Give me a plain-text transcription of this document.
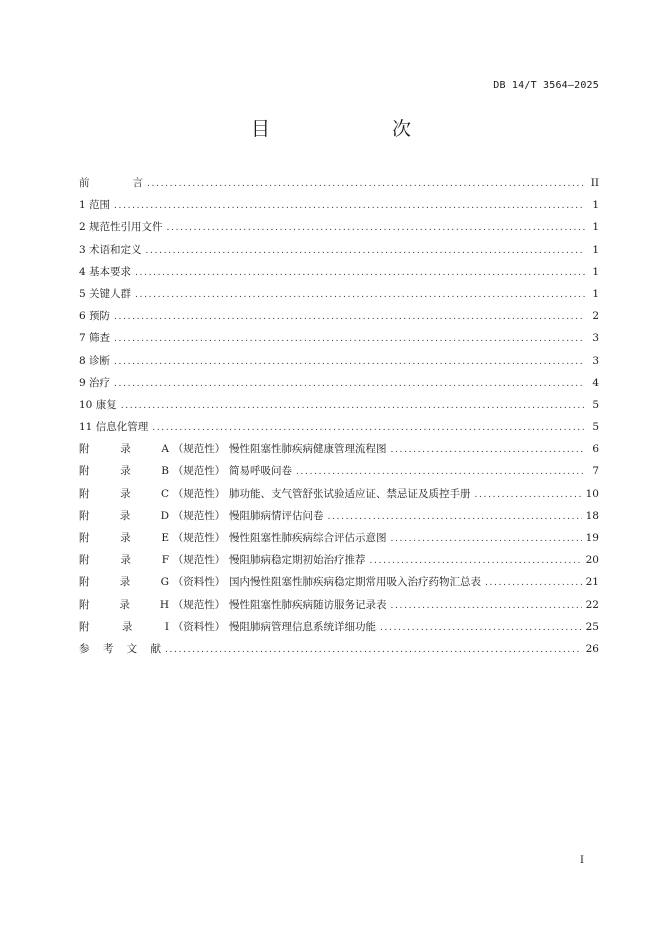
DB 14/T 3564—2025
目　　次
前	言 . . .	II
1 范围 . . .	1
2 规范性引用文件 . . .	1
3 术语和定义 . . .	1
4 基本要求 . . .	1
5 关键人群 . . .	1
6 预防 . . .	2
7 筛查 . . .	3
8 诊断 . . .	3
9 治疗 . . .	4
10 康复 . . .	5
11 信息化管理 . . .	5
附	录	A （规范性） 慢性阻塞性肺疾病健康管理流程图 . . .	6
附	录	B （规范性） 简易呼吸问卷 . . .	7
附	录	C （规范性） 肺功能、支气管舒张试验适应证、禁忌证及质控手册 . . .	10
附	录	D （规范性） 慢阻肺病情评估问卷 . . .	18
附	录	E （规范性） 慢性阻塞性肺疾病综合评估示意图 . . .	19
附	录	F （规范性） 慢阻肺病稳定期初始治疗推荐 . . .	20
附	录	G （资料性） 国内慢性阻塞性肺疾病稳定期常用吸入治疗药物汇总表 . . .	21
附	录	H （规范性） 慢性阻塞性肺疾病随访服务记录表 . . .	22
附	录	I （资料性） 慢阻肺病管理信息系统详细功能 . . .	25
参 考 文 献 . . .	26
I
